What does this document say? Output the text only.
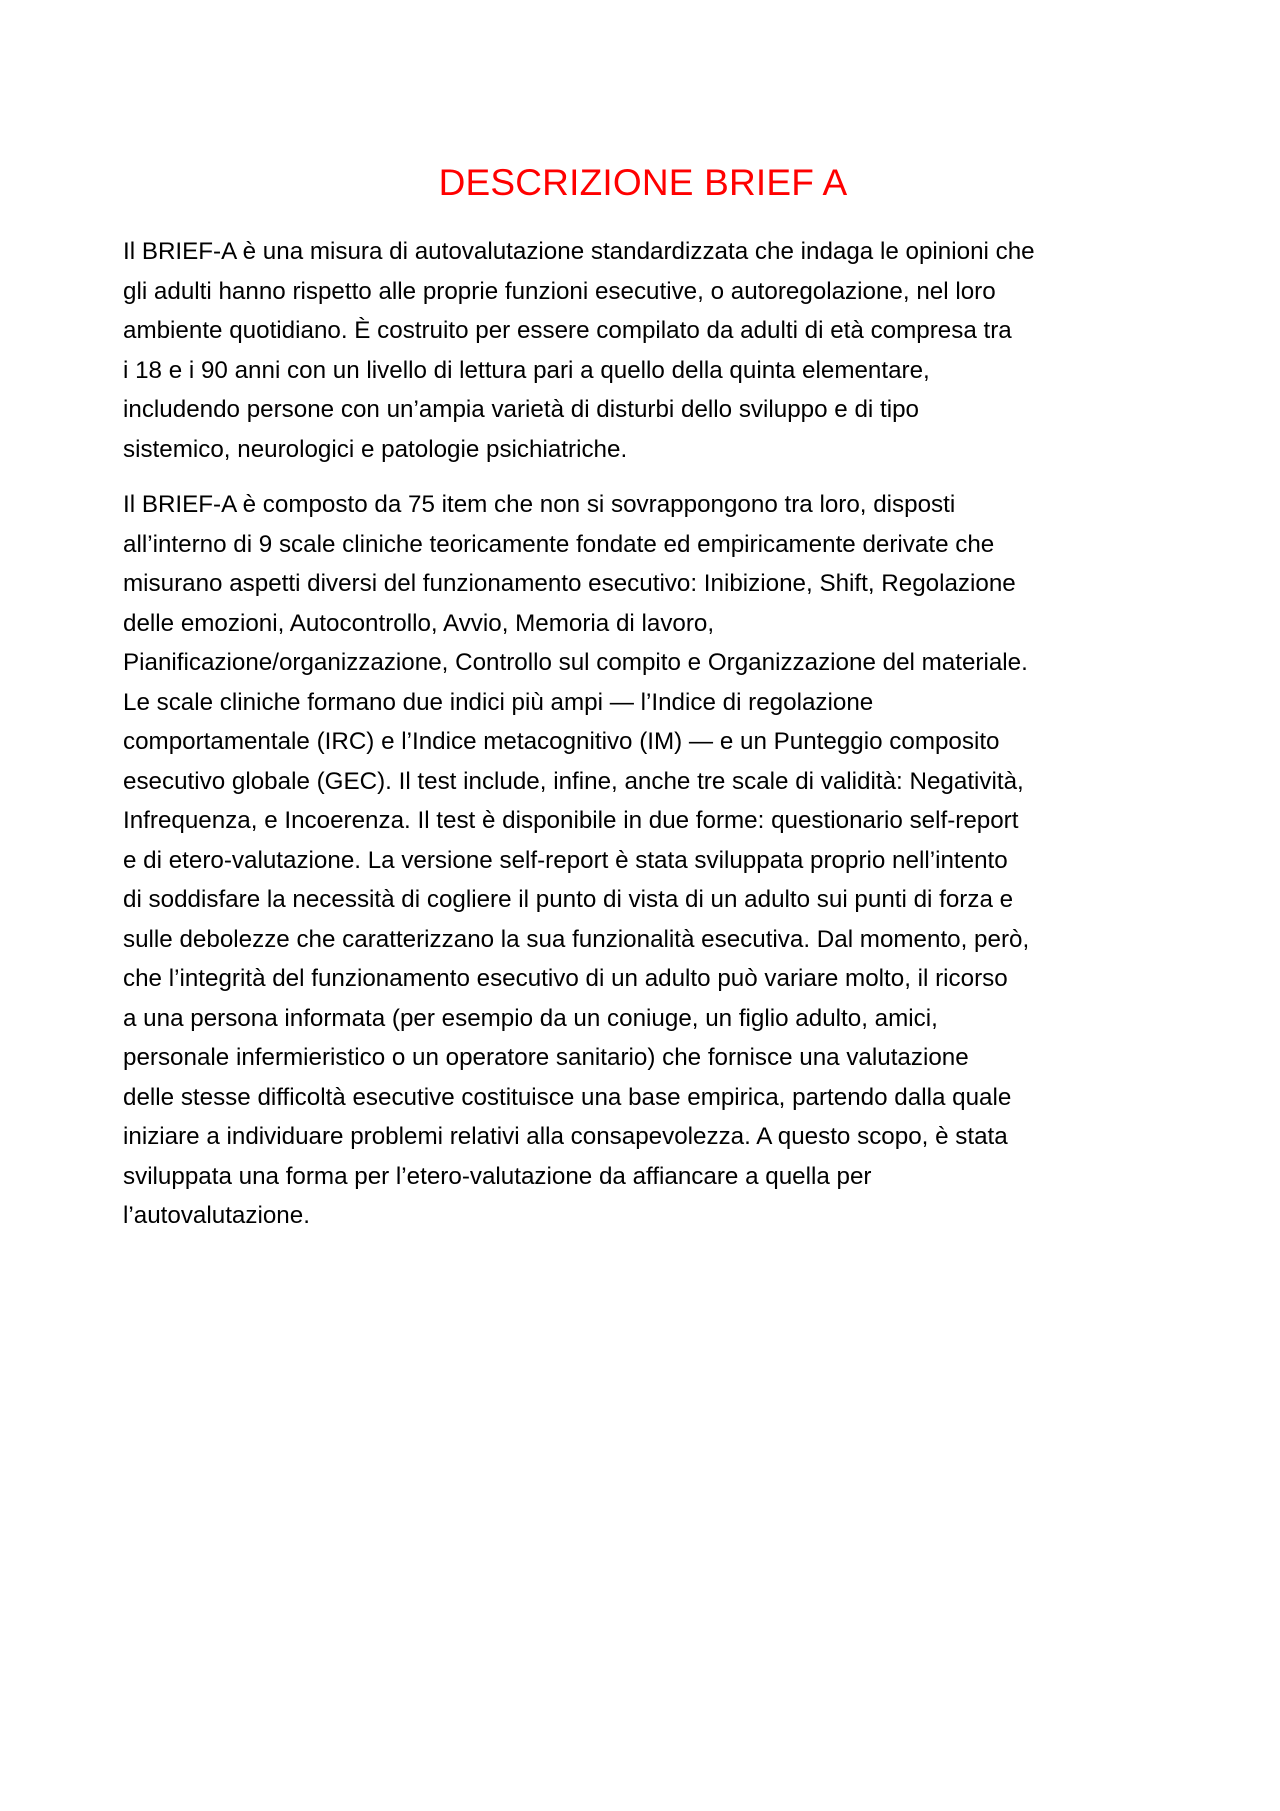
DESCRIZIONE BRIEF A

Il BRIEF-A è una misura di autovalutazione standardizzata che indaga le opinioni che
gli adulti hanno rispetto alle proprie funzioni esecutive, o autoregolazione, nel loro
ambiente quotidiano. È costruito per essere compilato da adulti di età compresa tra
i 18 e i 90 anni con un livello di lettura pari a quello della quinta elementare,
includendo persone con un’ampia varietà di disturbi dello sviluppo e di tipo
sistemico, neurologici e patologie psichiatriche.

Il BRIEF-A è composto da 75 item che non si sovrappongono tra loro, disposti
all’interno di 9 scale cliniche teoricamente fondate ed empiricamente derivate che
misurano aspetti diversi del funzionamento esecutivo: Inibizione, Shift, Regolazione
delle emozioni, Autocontrollo, Avvio, Memoria di lavoro,
Pianificazione/organizzazione, Controllo sul compito e Organizzazione del materiale.
Le scale cliniche formano due indici più ampi — l’Indice di regolazione
comportamentale (IRC) e l’Indice metacognitivo (IM) — e un Punteggio composito
esecutivo globale (GEC). Il test include, infine, anche tre scale di validità: Negatività,
Infrequenza, e Incoerenza. Il test è disponibile in due forme: questionario self-report
e di etero-valutazione. La versione self-report è stata sviluppata proprio nell’intento
di soddisfare la necessità di cogliere il punto di vista di un adulto sui punti di forza e
sulle debolezze che caratterizzano la sua funzionalità esecutiva. Dal momento, però,
che l’integrità del funzionamento esecutivo di un adulto può variare molto, il ricorso
a una persona informata (per esempio da un coniuge, un figlio adulto, amici,
personale infermieristico o un operatore sanitario) che fornisce una valutazione
delle stesse difficoltà esecutive costituisce una base empirica, partendo dalla quale
iniziare a individuare problemi relativi alla consapevolezza. A questo scopo, è stata
sviluppata una forma per l’etero-valutazione da affiancare a quella per
l’autovalutazione.
